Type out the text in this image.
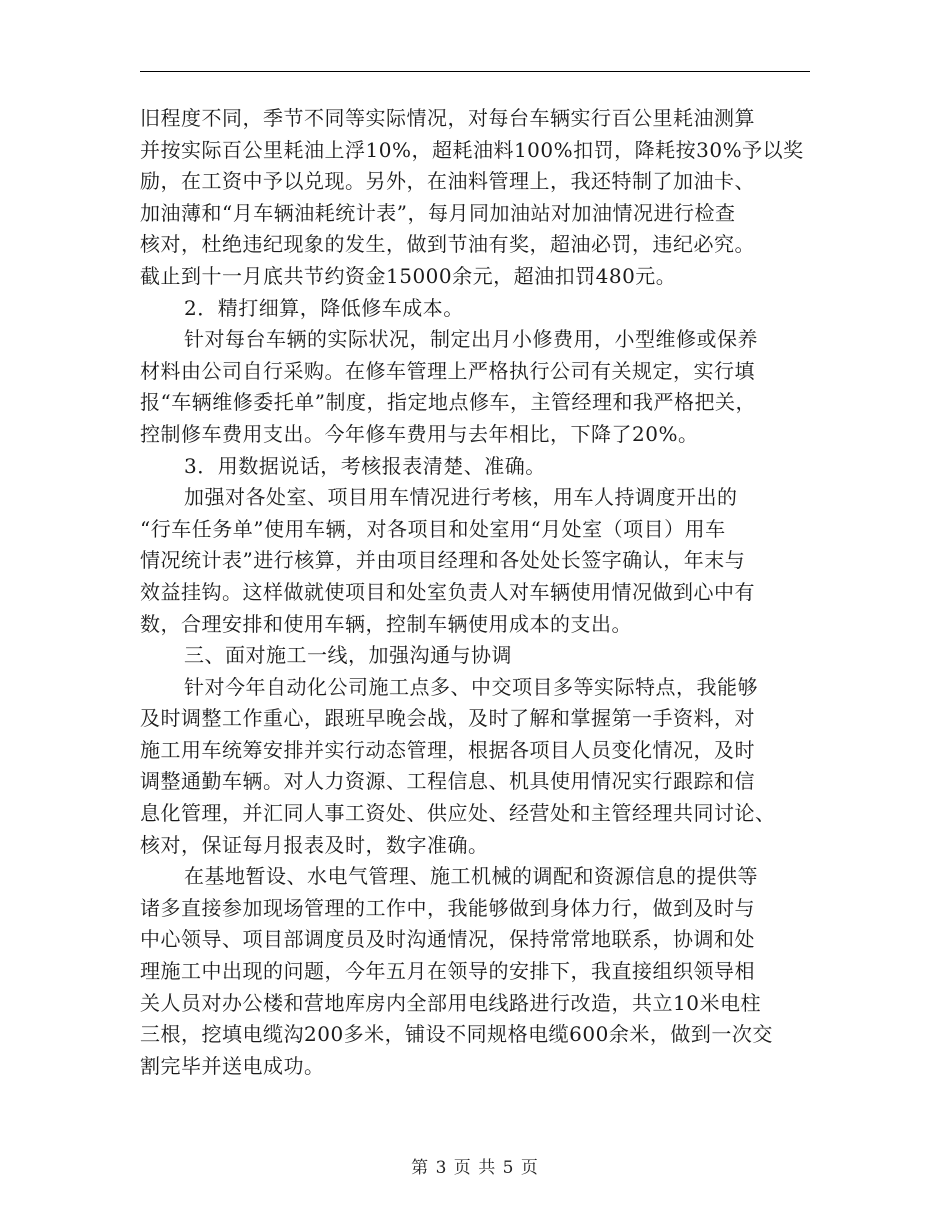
旧程度不同，季节不同等实际情况，对每台车辆实行百公里耗油测算
并按实际百公里耗油上浮10%，超耗油料100%扣罚，降耗按30%予以奖
励，在工资中予以兑现。另外，在油料管理上，我还特制了加油卡、
加油薄和“月车辆油耗统计表”，每月同加油站对加油情况进行检查
核对，杜绝违纪现象的发生，做到节油有奖，超油必罚，违纪必究。
截止到十一月底共节约资金15000余元，超油扣罚480元。
2．精打细算，降低修车成本。
针对每台车辆的实际状况，制定出月小修费用，小型维修或保养
材料由公司自行采购。在修车管理上严格执行公司有关规定，实行填
报“车辆维修委托单”制度，指定地点修车，主管经理和我严格把关，
控制修车费用支出。今年修车费用与去年相比，下降了20%。
3．用数据说话，考核报表清楚、准确。
加强对各处室、项目用车情况进行考核，用车人持调度开出的
“行车任务单”使用车辆，对各项目和处室用“月处室（项目）用车
情况统计表”进行核算，并由项目经理和各处处长签字确认，年末与
效益挂钩。这样做就使项目和处室负责人对车辆使用情况做到心中有
数，合理安排和使用车辆，控制车辆使用成本的支出。
三、面对施工一线，加强沟通与协调
针对今年自动化公司施工点多、中交项目多等实际特点，我能够
及时调整工作重心，跟班早晚会战，及时了解和掌握第一手资料，对
施工用车统筹安排并实行动态管理，根据各项目人员变化情况，及时
调整通勤车辆。对人力资源、工程信息、机具使用情况实行跟踪和信
息化管理，并汇同人事工资处、供应处、经营处和主管经理共同讨论、
核对，保证每月报表及时，数字准确。
在基地暂设、水电气管理、施工机械的调配和资源信息的提供等
诸多直接参加现场管理的工作中，我能够做到身体力行，做到及时与
中心领导、项目部调度员及时沟通情况，保持常常地联系，协调和处
理施工中出现的问题，今年五月在领导的安排下，我直接组织领导相
关人员对办公楼和营地库房内全部用电线路进行改造，共立10米电柱
三根，挖填电缆沟200多米，铺设不同规格电缆600余米，做到一次交
割完毕并送电成功。
第 3 页 共 5 页
